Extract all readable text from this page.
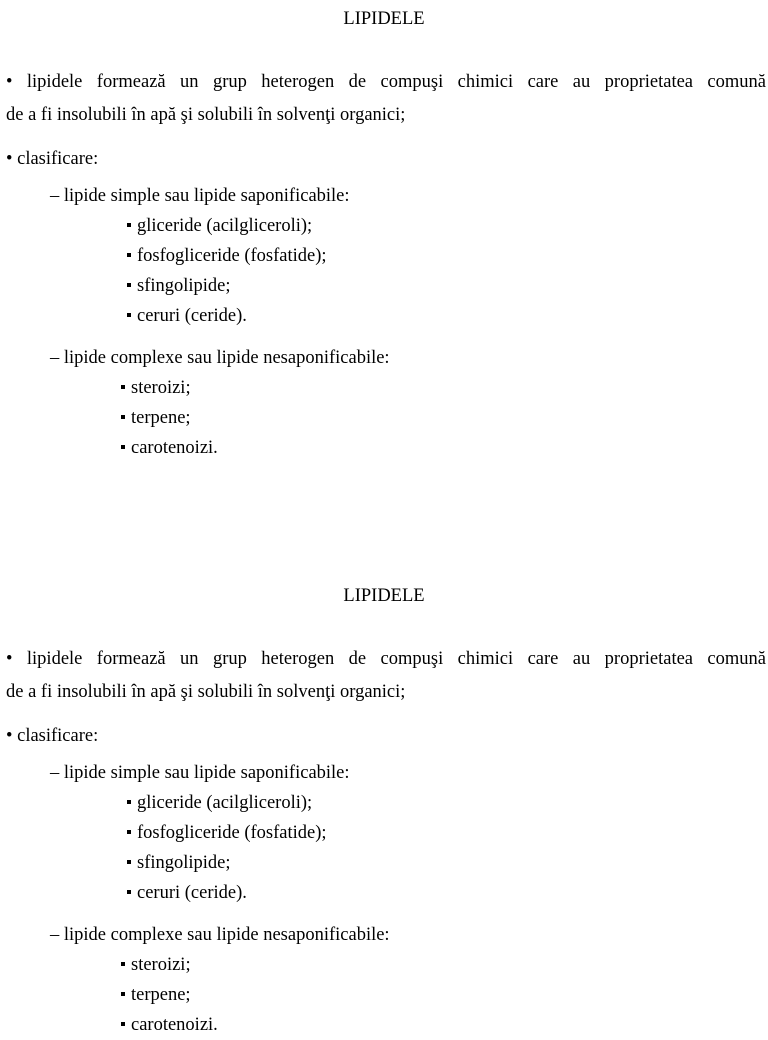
LIPIDELE
• lipidele formează un grup heterogen de compuşi chimici care au proprietatea comună
de a fi insolubili în apă şi solubili în solvenţi organici;
• clasificare:
– lipide simple sau lipide saponificabile:
gliceride (acilgliceroli);
fosfogliceride (fosfatide);
sfingolipide;
ceruri (ceride).
– lipide complexe sau lipide nesaponificabile:
steroizi;
terpene;
carotenoizi.
LIPIDELE
• lipidele formează un grup heterogen de compuşi chimici care au proprietatea comună
de a fi insolubili în apă şi solubili în solvenţi organici;
• clasificare:
– lipide simple sau lipide saponificabile:
gliceride (acilgliceroli);
fosfogliceride (fosfatide);
sfingolipide;
ceruri (ceride).
– lipide complexe sau lipide nesaponificabile:
steroizi;
terpene;
carotenoizi.
